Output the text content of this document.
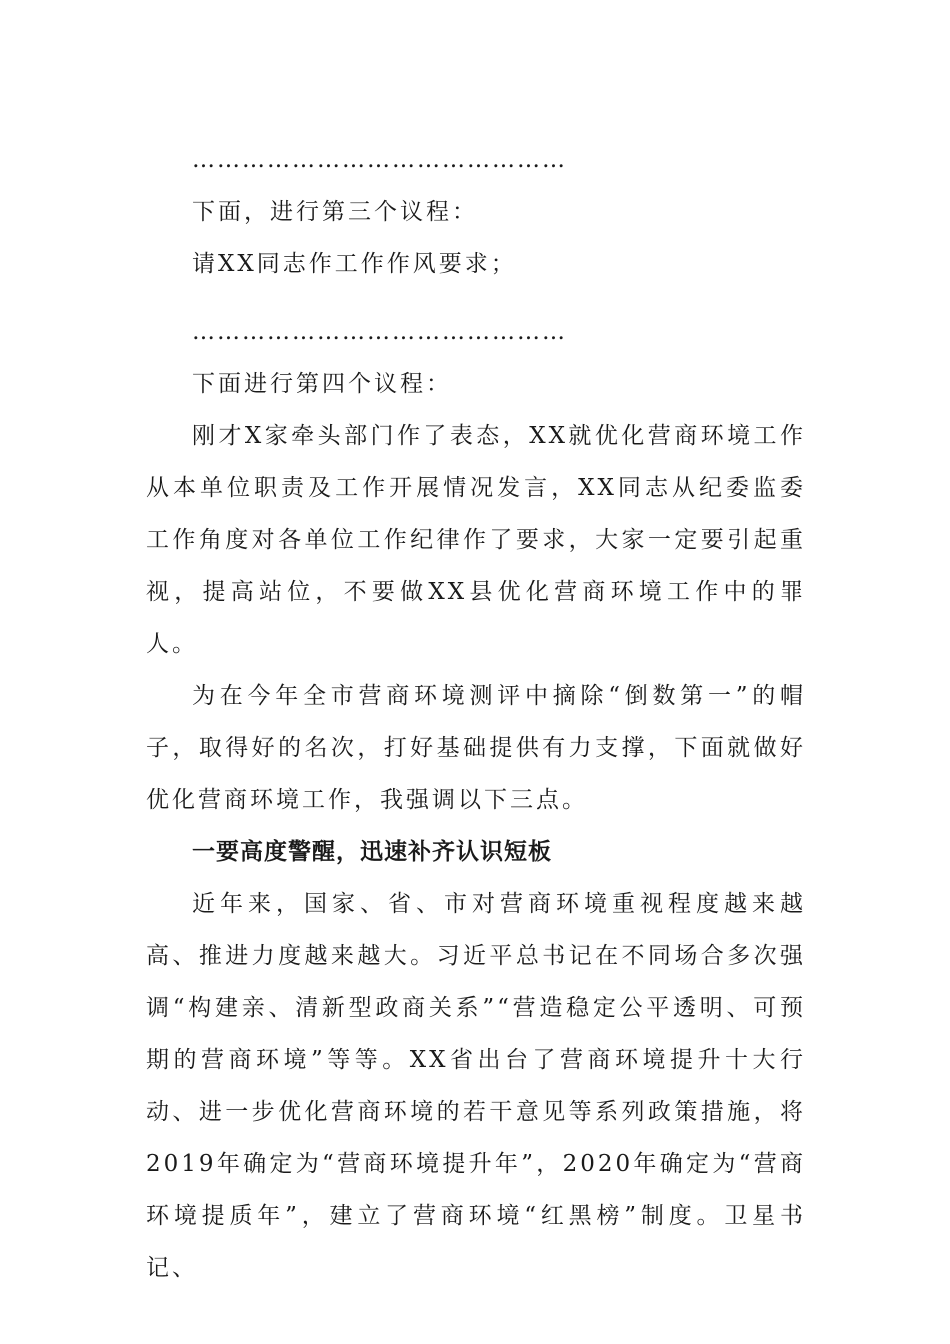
………………………………………

下面，进行第三个议程：

请XX同志作工作作风要求；

………………………………………

下面进行第四个议程：

刚才X家牵头部门作了表态，XX就优化营商环境工作从本单位职责及工作开展情况发言，XX同志从纪委监委工作角度对各单位工作纪律作了要求，大家一定要引起重视，提高站位，不要做XX县优化营商环境工作中的罪人。

为在今年全市营商环境测评中摘除“倒数第一”的帽子，取得好的名次，打好基础提供有力支撑，下面就做好优化营商环境工作，我强调以下三点。

一要高度警醒，迅速补齐认识短板

近年来，国家、省、市对营商环境重视程度越来越高、推进力度越来越大。习近平总书记在不同场合多次强调“构建亲、清新型政商关系”“营造稳定公平透明、可预期的营商环境”等等。XX省出台了营商环境提升十大行动、进一步优化营商环境的若干意见等系列政策措施，将2019年确定为“营商环境提升年”，2020年确定为“营商环境提质年”，建立了营商环境“红黑榜”制度。卫星书记、
